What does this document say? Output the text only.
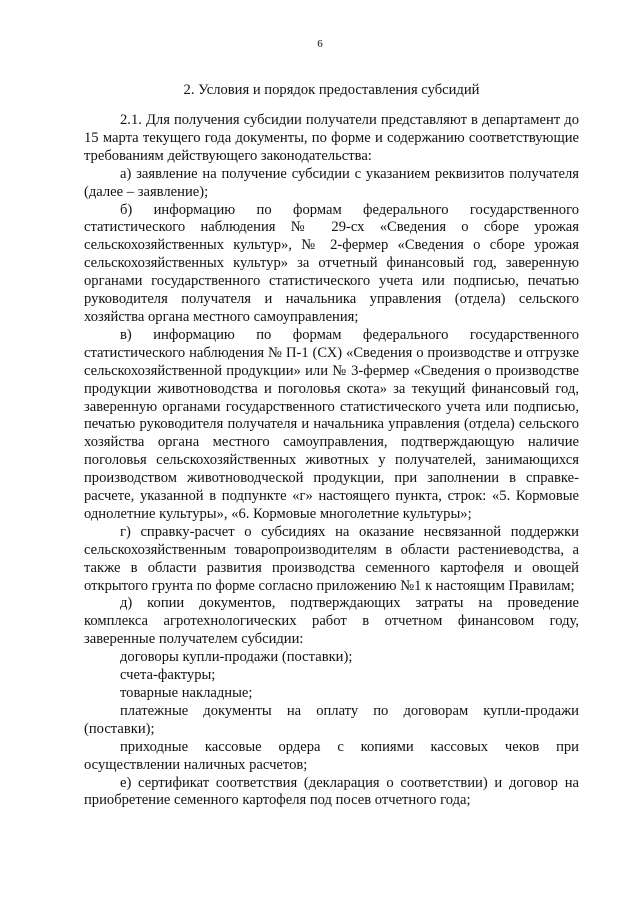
6
2. Условия и порядок предоставления субсидий

2.1. Для получения субсидии получатели представляют в департамент до 15 марта текущего года документы, по форме и содержанию соответствующие требованиям действующего законодательства:

а) заявление на получение субсидии с указанием реквизитов получателя (далее – заявление);

б) информацию по формам федерального государственного статистического наблюдения № 29-сх «Сведения о сборе урожая сельскохозяйственных культур», № 2-фермер «Сведения о сборе урожая сельскохозяйственных культур» за отчетный финансовый год, заверенную органами государственного статистического учета или подписью, печатью руководителя получателя и начальника управления (отдела) сельского хозяйства органа местного самоуправления;

в) информацию по формам федерального государственного статистического наблюдения № П-1 (СХ) «Сведения о производстве и отгрузке сельскохозяйственной продукции» или № 3-фермер «Сведения о производстве продукции животноводства и поголовья скота» за текущий финансовый год, заверенную органами государственного статистического учета или подписью, печатью руководителя получателя и начальника управления (отдела) сельского хозяйства органа местного самоуправления, подтверждающую наличие поголовья сельскохозяйственных животных у получателей, занимающихся производством животноводческой продукции, при заполнении в справке-расчете, указанной в подпункте «г» настоящего пункта, строк: «5. Кормовые однолетние культуры», «6. Кормовые многолетние культуры»;

г) справку-расчет о субсидиях на оказание несвязанной поддержки сельскохозяйственным товаропроизводителям в области растениеводства, а также в области развития производства семенного картофеля и овощей открытого грунта по форме согласно приложению №1 к настоящим Правилам;

д) копии документов, подтверждающих затраты на проведение комплекса агротехнологических работ в отчетном финансовом году, заверенные получателем субсидии:

договоры купли-продажи (поставки);

счета-фактуры;

товарные накладные;

платежные документы на оплату по договорам купли-продажи (поставки);

приходные кассовые ордера с копиями кассовых чеков при осуществлении наличных расчетов;

е) сертификат соответствия (декларация о соответствии) и договор на приобретение семенного картофеля под посев отчетного года;
